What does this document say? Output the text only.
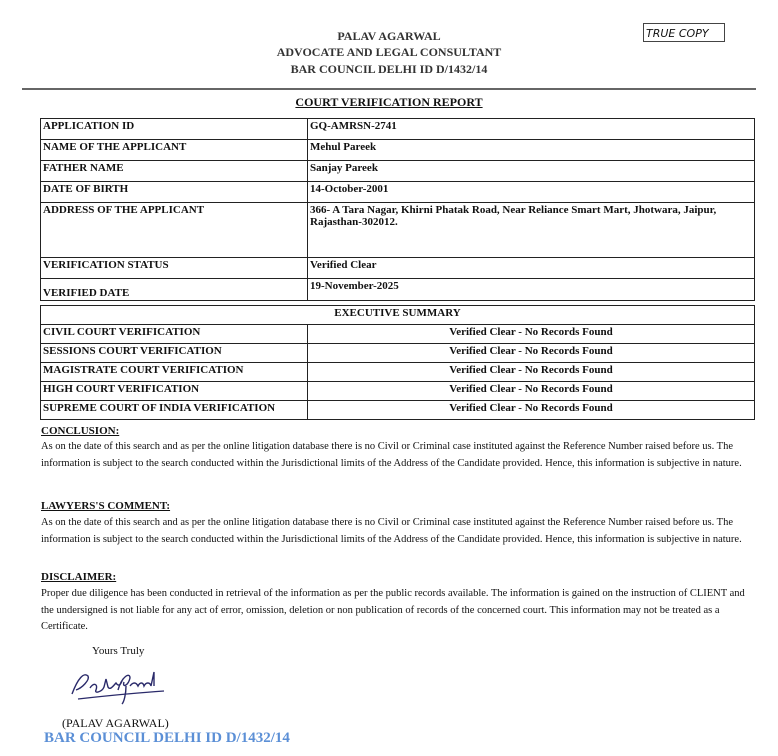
PALAV AGARWAL
ADVOCATE AND LEGAL CONSULTANT
BAR COUNCIL DELHI ID D/1432/14
TRUE COPY
COURT VERIFICATION REPORT
APPLICATION ID	GQ-AMRSN-2741
NAME OF THE APPLICANT	Mehul Pareek
FATHER NAME	Sanjay Pareek
DATE OF BIRTH	14-October-2001
ADDRESS OF THE APPLICANT	366- A Tara Nagar, Khirni Phatak Road, Near Reliance Smart Mart, Jhotwara, Jaipur, Rajasthan-302012.
VERIFICATION STATUS	Verified Clear
VERIFIED DATE	19-November-2025
EXECUTIVE SUMMARY	
CIVIL COURT VERIFICATION	Verified Clear - No Records Found
SESSIONS COURT VERIFICATION	Verified Clear - No Records Found
MAGISTRATE COURT VERIFICATION	Verified Clear - No Records Found
HIGH COURT VERIFICATION	Verified Clear - No Records Found
SUPREME COURT OF INDIA VERIFICATION	Verified Clear - No Records Found
CONCLUSION:
As on the date of this search and as per the online litigation database there is no Civil or Criminal case instituted against the Reference Number raised before us. The information is subject to the search conducted within the Jurisdictional limits of the Address of the Candidate provided. Hence, this information is subjective in nature.
LAWYERS'S COMMENT:
As on the date of this search and as per the online litigation database there is no Civil or Criminal case instituted against the Reference Number raised before us. The information is subject to the search conducted within the Jurisdictional limits of the Address of the Candidate provided. Hence, this information is subjective in nature.
DISCLAIMER:
Proper due diligence has been conducted in retrieval of the information as per the public records available. The information is gained on the instruction of CLIENT and the undersigned is not liable for any act of error, omission, deletion or non publication of records of the concerned court. This information may not be treated as a Certificate.
Yours Truly
(PALAV AGARWAL)
BAR COUNCIL DELHI ID D/1432/14
